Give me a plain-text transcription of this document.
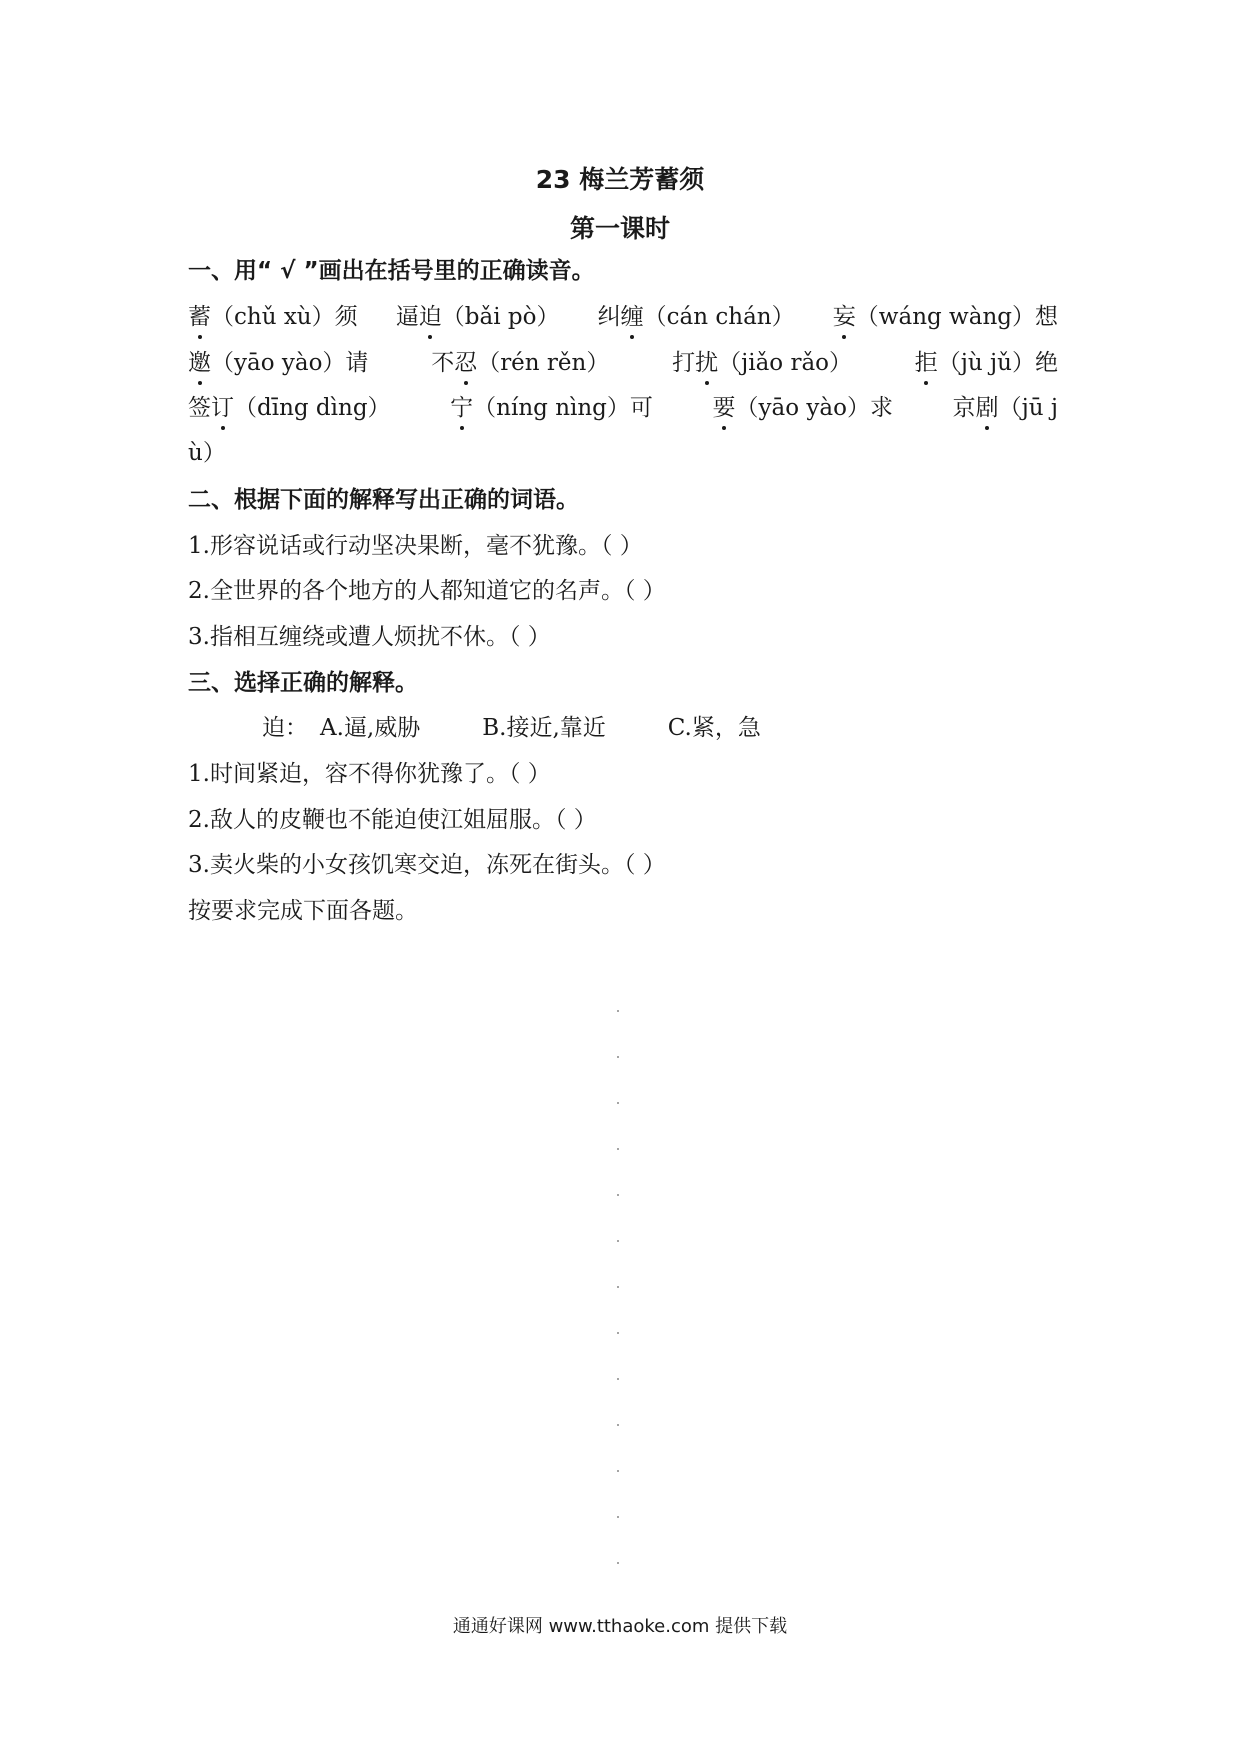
23 梅兰芳蓄须
第一课时
一、用“ √ ”画出在括号里的正确读音。
蓄（chǔ xù）须 逼迫（bǎi pò） 纠缠（cán chán） 妄（wáng wàng）想
邀（yāo yào）请	不忍（rén rěn）	打扰（jiǎo rǎo）	拒（jù jǔ）绝
签订（dīng dìng）	宁（níng nìng）可	要（yāo yào）求	京剧（jū j
ù）
二、根据下面的解释写出正确的词语。
1.形容说话或行动坚决果断，毫不犹豫。（ ）
2.全世界的各个地方的人都知道它的名声。（ ）
3.指相互缠绕或遭人烦扰不休。（ ）
三、选择正确的解释。
迫： A.逼,威胁	B.接近,靠近	C.紧，急
1.时间紧迫，容不得你犹豫了。（ ）
2.敌人的皮鞭也不能迫使江姐屈服。（ ）
3.卖火柴的小女孩饥寒交迫，冻死在街头。（ ）
按要求完成下面各题。
通通好课网 www.tthaoke.com 提供下载
